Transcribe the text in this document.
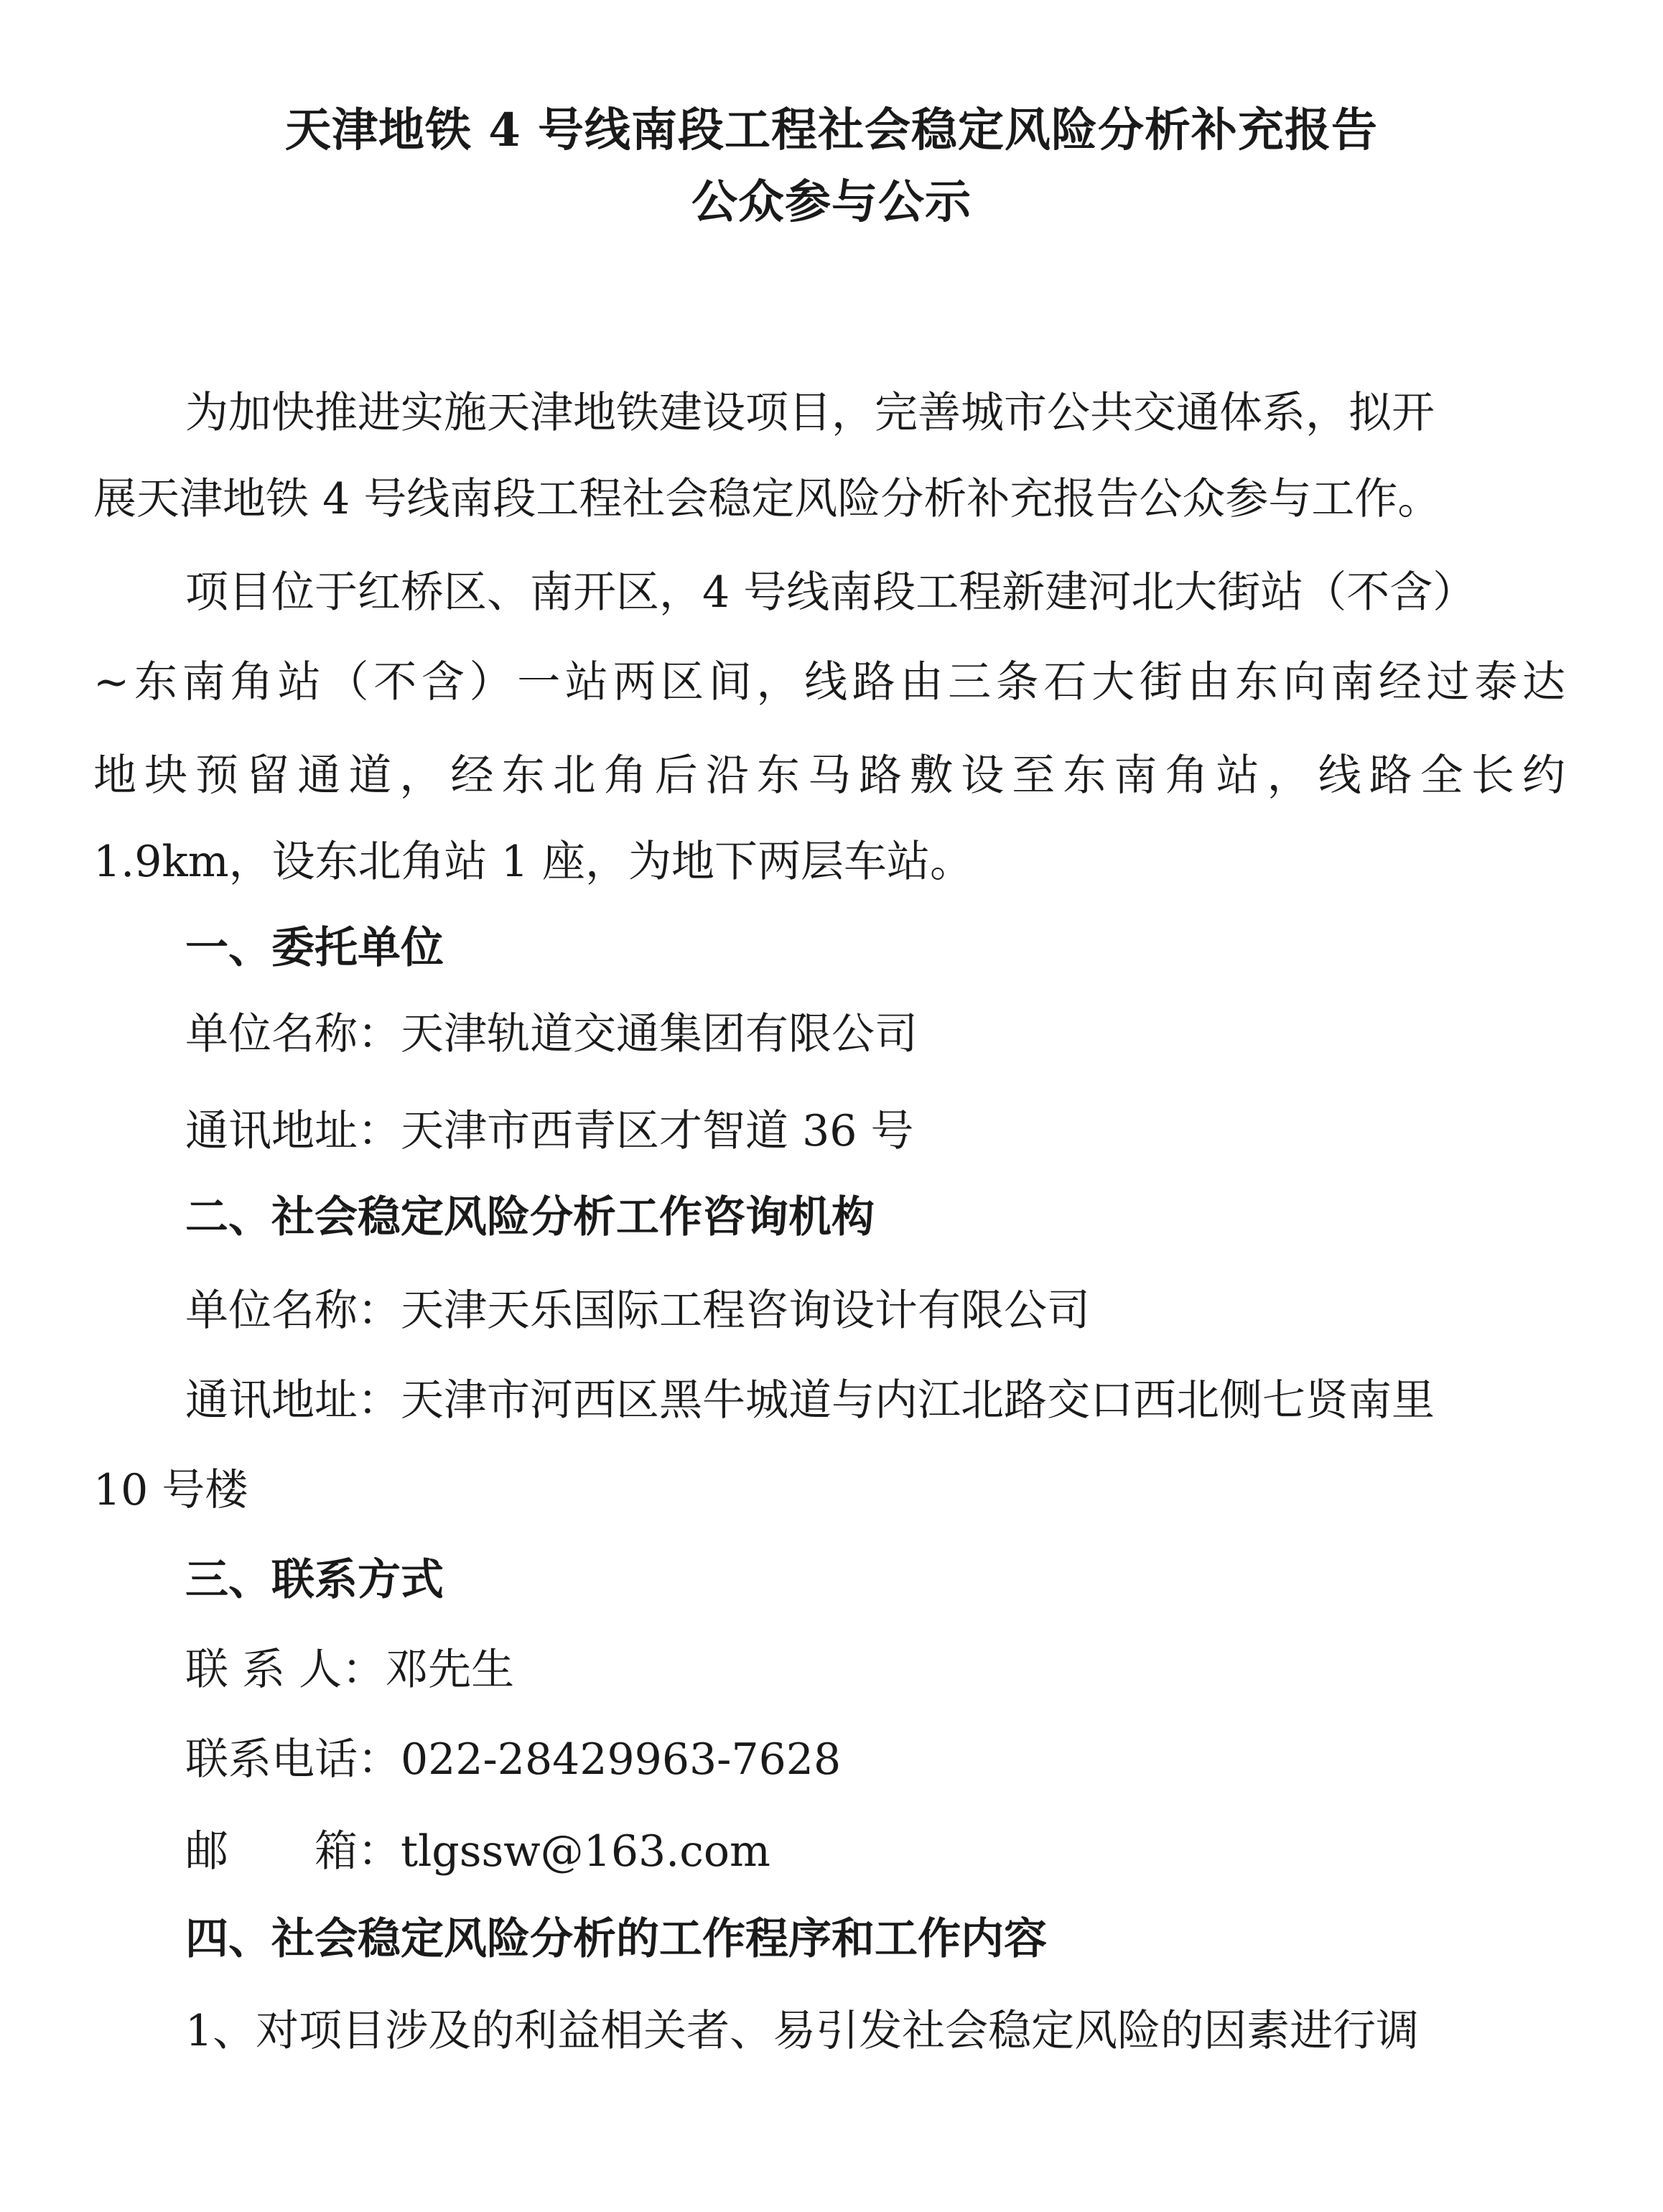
天津地铁 4 号线南段工程社会稳定风险分析补充报告
公众参与公示
为加快推进实施天津地铁建设项目，完善城市公共交通体系，拟开
展天津地铁 4 号线南段工程社会稳定风险分析补充报告公众参与工作。
项目位于红桥区、南开区，4 号线南段工程新建河北大街站（不含）
~东南角站（不含）一站两区间，线路由三条石大街由东向南经过泰达
地块预留通道，经东北角后沿东马路敷设至东南角站，线路全长约
1.9km，设东北角站 1 座，为地下两层车站。
一、委托单位
单位名称：天津轨道交通集团有限公司
通讯地址：天津市西青区才智道 36 号
二、社会稳定风险分析工作咨询机构
单位名称：天津天乐国际工程咨询设计有限公司
通讯地址：天津市河西区黑牛城道与内江北路交口西北侧七贤南里
10 号楼
三、联系方式
联 系 人：邓先生
联系电话：022-28429963-7628
邮　　箱：tlgssw@163.com
四、社会稳定风险分析的工作程序和工作内容
1、对项目涉及的利益相关者、易引发社会稳定风险的因素进行调
